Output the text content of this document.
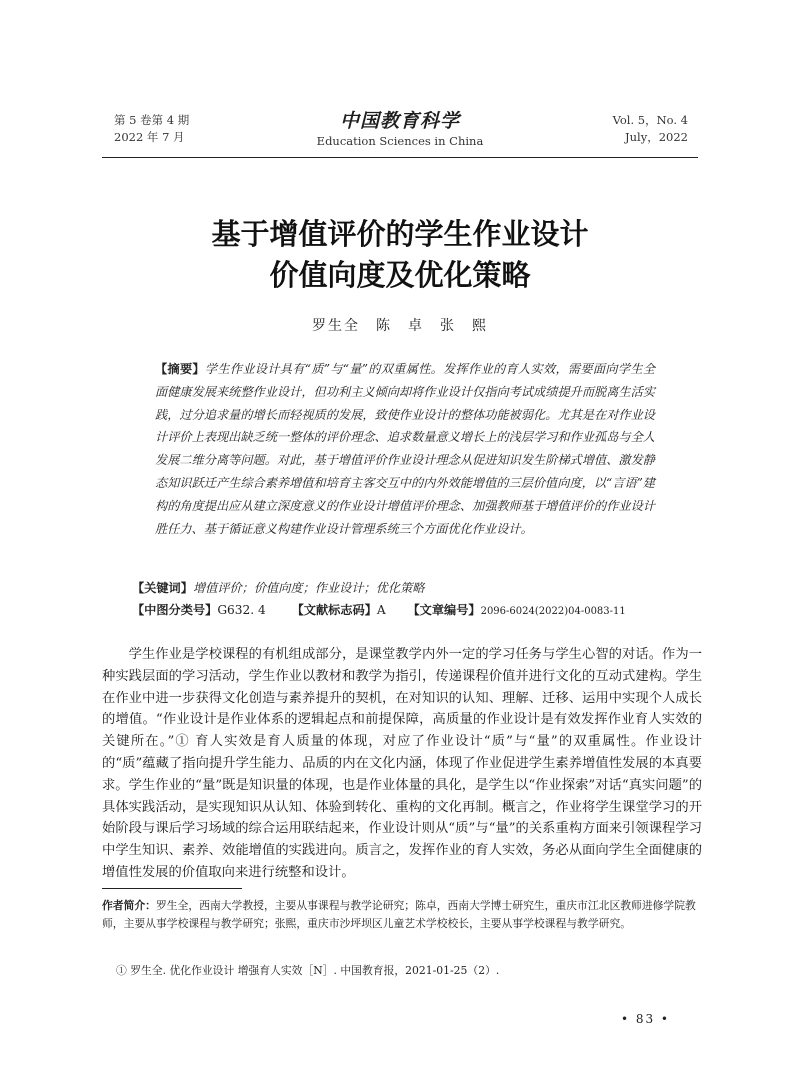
第 5 卷第 4 期
2022 年 7 月
中国教育科学
Education Sciences in China
Vol. 5，No. 4
July，2022
基于增值评价的学生作业设计
价值向度及优化策略
罗生全　陈　卓　张　熙
【摘要】学生作业设计具有“质”与“量”的双重属性。发挥作业的育人实效，需要面向学生全面健康发展来统整作业设计，但功利主义倾向却将作业设计仅指向考试成绩提升而脱离生活实践，过分追求量的增长而轻视质的发展，致使作业设计的整体功能被弱化。尤其是在对作业设计评价上表现出缺乏统一整体的评价理念、追求数量意义增长上的浅层学习和作业孤岛与全人发展二维分离等问题。对此，基于增值评价作业设计理念从促进知识发生阶梯式增值、激发静态知识跃迁产生综合素养增值和培育主客交互中的内外效能增值的三层价值向度，以“言语”建构的角度提出应从建立深度意义的作业设计增值评价理念、加强教师基于增值评价的作业设计胜任力、基于循证意义构建作业设计管理系统三个方面优化作业设计。
【关键词】增值评价；价值向度；作业设计；优化策略
【中图分类号】G632. 4 【文献标志码】A 【文章编号】2096-6024(2022)04-0083-11
学生作业是学校课程的有机组成部分，是课堂教学内外一定的学习任务与学生心智的对话。作为一种实践层面的学习活动，学生作业以教材和教学为指引，传递课程价值并进行文化的互动式建构。学生在作业中进一步获得文化创造与素养提升的契机，在对知识的认知、理解、迁移、运用中实现个人成长的增值。“作业设计是作业体系的逻辑起点和前提保障，高质量的作业设计是有效发挥作业育人实效的关键所在。”① 育人实效是育人质量的体现，对应了作业设计“质”与“量”的双重属性。作业设计的“质”蕴藏了指向提升学生能力、品质的内在文化内涵，体现了作业促进学生素养增值性发展的本真要求。学生作业的“量”既是知识量的体现，也是作业体量的具化，是学生以“作业探索”对话“真实问题”的具体实践活动，是实现知识从认知、体验到转化、重构的文化再制。概言之，作业将学生课堂学习的开始阶段与课后学习场域的综合运用联结起来，作业设计则从“质”与“量”的关系重构方面来引领课程学习中学生知识、素养、效能增值的实践进向。质言之，发挥作业的育人实效，务必从面向学生全面健康的增值性发展的价值取向来进行统整和设计。
作者简介：罗生全，西南大学教授，主要从事课程与教学论研究；陈卓，西南大学博士研究生，重庆市江北区教师进修学院教师，主要从事学校课程与教学研究；张熙，重庆市沙坪坝区儿童艺术学校校长，主要从事学校课程与教学研究。
① 罗生全. 优化作业设计 增强育人实效［N］. 中国教育报，2021-01-25（2）.
• 83 •
